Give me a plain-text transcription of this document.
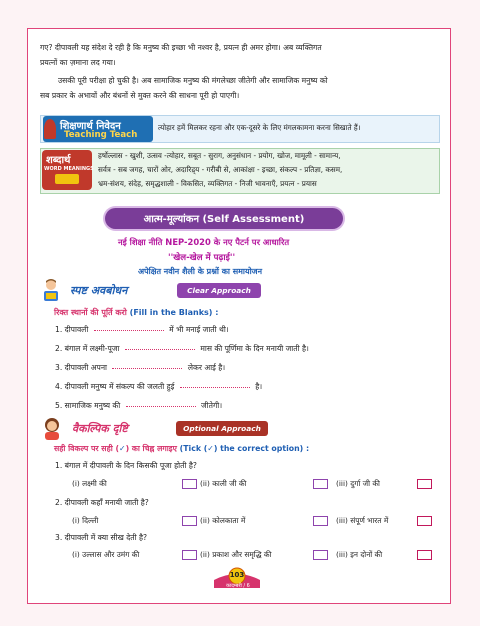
गए? दीपावली यह संदेश दे रही है कि मनुष्य की इच्छा भी नश्वर है, प्रयत्न ही अमर होगा। अब व्यक्तिगत
प्रयत्नों का ज़माना लद गया।
उसकी पूरी परीक्षा हो चुकी है। अब सामाजिक मनुष्य की मंगलेच्छा जीतेगी और सामाजिक मनुष्य को
सब प्रकार के अभावों और बंधनों से मुक्त करने की साधना पूरी हो पाएगी।
शिक्षणार्थ निवेदन
Teaching Teach
त्योहार हमें मिलकर रहना और एक-दूसरे के लिए मंगलकामना करना सिखाते हैं।
शब्दार्थ
WORD MEANINGS
हर्षोल्लास - खुशी, उत्सव -त्योहार, सबूत - सुराग, अनुसंधान - प्रयोग, खोज, मामूली - सामान्य,
सर्वत्र - सब जगह, चारों ओर, अदारिद्र्य - गरीबी से, आकांक्षा - इच्छा, संकल्प - प्रतिज्ञा, कसम,
भ्रम-संशय, संदेह, समृद्धशाली - विकसित, व्यक्तिगत - निजी भावनाएँ, प्रयत्न - प्रयास
आत्म-मूल्यांकन (Self Assessment)
नई शिक्षा नीति NEP-2020 के नए पैटर्न पर आधारित
''खेल-खेल में पढ़ाई''
अपेक्षित नवीन शैली के प्रश्नों का समायोजन
स्पष्ट अवबोधन	Clear Approach
रिक्त स्थानों की पूर्ति करो (Fill in the Blanks) :
1. दीपावली	में भी मनाई जाती थी।
2. बंगाल में लक्ष्मी-पूजा	मास की पूर्णिमा के दिन मनायी जाती है।
3. दीपावली अपना	लेकर आई है।
4. दीपावली मनुष्य में संकल्प की जलती हुई	है।
5. सामाजिक मनुष्य की	जीतेगी।
वैकल्पिक दृष्टि	Optional Approach
सही विकल्प पर सही (✓) का चिह्न लगाइए (Tick (✓) the correct option) :
1. बंगाल में दीपावली के दिन किसकी पूजा होती है?
(i) लक्ष्मी की	(ii) काली जी की	(iii) दुर्गा जी की
2. दीपावली कहाँ मनायी जाती है?
(i) दिल्ली	(ii) कोलकाता में	(iii) संपूर्ण भारत में
3. दीपावली में क्या सीख देती है?
(i) उल्लास और उमंग की	(ii) प्रकाश और समृद्धि की	(iii) इन दोनों की
103
कादम्बरी / 6
